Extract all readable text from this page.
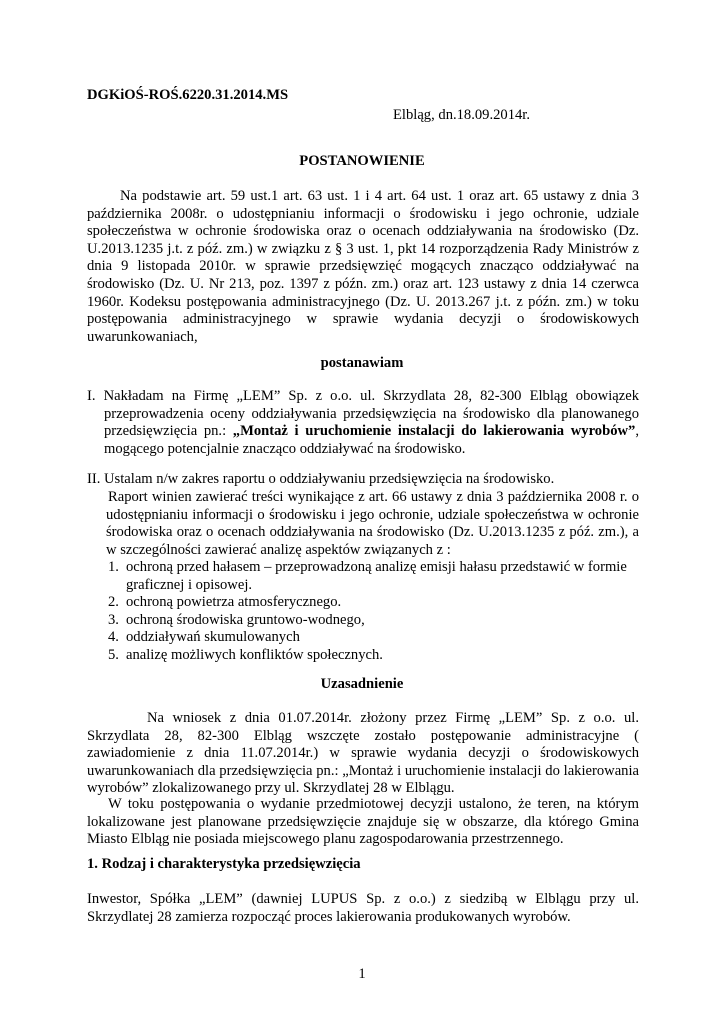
DGKiOŚ-ROŚ.6220.31.2014.MS
Elbląg, dn.18.09.2014r.
POSTANOWIENIE

Na podstawie art. 59 ust.1 art. 63 ust. 1 i 4 art. 64 ust. 1 oraz art. 65 ustawy z dnia 3 października 2008r. o udostępnianiu informacji o środowisku i jego ochronie, udziale społeczeństwa w ochronie środowiska oraz o ocenach oddziaływania na środowisko (Dz. U.2013.1235 j.t. z póź. zm.) w związku z § 3 ust. 1, pkt 14 rozporządzenia Rady Ministrów z dnia 9 listopada 2010r. w sprawie przedsięwzięć mogących znacząco oddziaływać na środowisko (Dz. U. Nr 213, poz. 1397 z późn. zm.) oraz art. 123 ustawy z dnia 14 czerwca 1960r. Kodeksu postępowania administracyjnego (Dz. U. 2013.267 j.t. z późn. zm.) w toku postępowania administracyjnego w sprawie wydania decyzji o środowiskowych uwarunkowaniach,

postanawiam

I. Nakładam na Firmę „LEM” Sp. z o.o. ul. Skrzydlata 28, 82-300 Elbląg obowiązek przeprowadzenia oceny oddziaływania przedsięwzięcia na środowisko dla planowanego przedsięwzięcia pn.: „Montaż i uruchomienie instalacji do lakierowania wyrobów”, mogącego potencjalnie znacząco oddziaływać na środowisko.

II. Ustalam n/w zakres raportu o oddziaływaniu przedsięwzięcia na środowisko.

Raport winien zawierać treści wynikające z art. 66 ustawy z dnia 3 października 2008 r. o udostępnianiu informacji o środowisku i jego ochronie, udziale społeczeństwa w ochronie środowiska oraz o ocenach oddziaływania na środowisko (Dz. U.2013.1235 z póź. zm.), a w szczególności zawierać analizę aspektów związanych z :

1. ochroną przed hałasem – przeprowadzoną analizę emisji hałasu przedstawić w formie graficznej i opisowej.
2. ochroną powietrza atmosferycznego.
3. ochroną środowiska gruntowo-wodnego,
4. oddziaływań skumulowanych
5. analizę możliwych konfliktów społecznych.
Uzasadnienie

Na wniosek z dnia 01.07.2014r. złożony przez Firmę „LEM” Sp. z o.o. ul. Skrzydlata 28, 82-300 Elbląg wszczęte zostało postępowanie administracyjne ( zawiadomienie z dnia 11.07.2014r.) w sprawie wydania decyzji o środowiskowych uwarunkowaniach dla przedsięwzięcia pn.: „Montaż i uruchomienie instalacji do lakierowania wyrobów” zlokalizowanego przy ul. Skrzydlatej 28 w Elblągu.

W toku postępowania o wydanie przedmiotowej decyzji ustalono, że teren, na którym lokalizowane jest planowane przedsięwzięcie znajduje się w obszarze, dla którego Gmina Miasto Elbląg nie posiada miejscowego planu zagospodarowania przestrzennego.

1. Rodzaj i charakterystyka przedsięwzięcia

Inwestor, Spółka „LEM” (dawniej LUPUS Sp. z o.o.) z siedzibą w Elblągu przy ul. Skrzydlatej 28 zamierza rozpocząć proces lakierowania produkowanych wyrobów.

1
